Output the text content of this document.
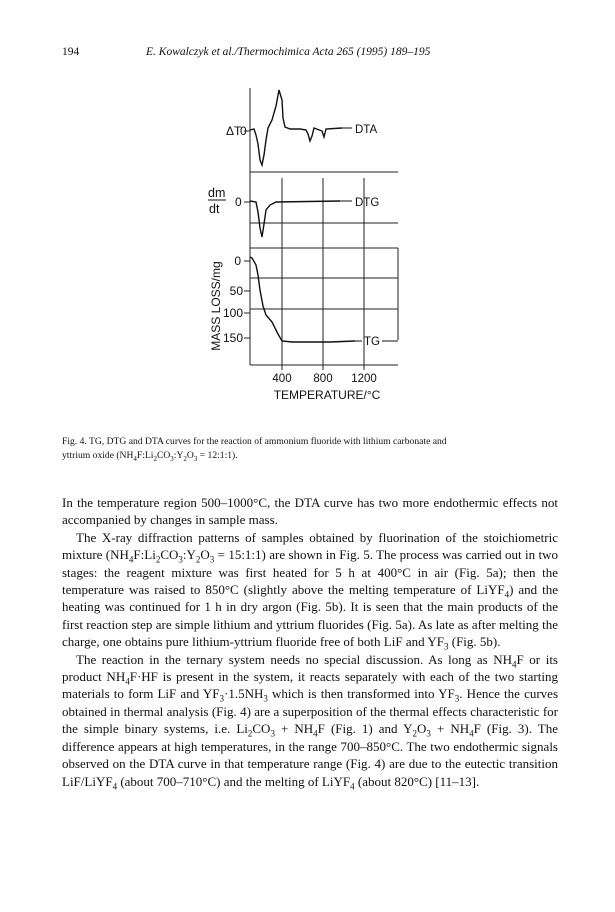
194	E. Kowalczyk et al./Thermochimica Acta 265 (1995) 189–195
ΔT
0	DTA
dm
dt 0	DTG
0
50
100
150
MASS LOSS/mg	TG
400 800 1200
TEMPERATURE/°C
Fig. 4. TG, DTG and DTA curves for the reaction of ammonium fluoride with lithium carbonate and
yttrium oxide ($NH_4F:Li_2CO_3:Y_2O_3$ = 12:1:1).

In the temperature region 500–1000°C, the DTA curve has two more endothermic effects not accompanied by changes in sample mass.

The X-ray diffraction patterns of samples obtained by fluorination of the stoichiometric mixture ($NH_4F:Li_2CO_3:Y_2O_3$ = 15:1:1) are shown in Fig. 5. The process was carried out in two stages: the reagent mixture was first heated for 5 h at 400°C in air (Fig. 5a); then the temperature was raised to 850°C (slightly above the melting temperature of LiYF$_4$) and the heating was continued for 1 h in dry argon (Fig. 5b). It is seen that the main products of the first reaction step are simple lithium and yttrium fluorides (Fig. 5a). As late as after melting the charge, one obtains pure lithium-yttrium fluoride free of both LiF and $YF_3$ (Fig. 5b).

The reaction in the ternary system needs no special discussion. As long as $NH_4F$ or its product $NH_4F\cdot HF$ is present in the system, it reacts separately with each of the two starting materials to form LiF and $YF_3\cdot 1.5NH_3$ which is then transformed into $YF_3$. Hence the curves obtained in thermal analysis (Fig. 4) are a superposition of the thermal effects characteristic for the simple binary systems, i.e. $Li_2CO_3 + NH_4F$ (Fig. 1) and $Y_2O_3 + NH_4F$ (Fig. 3). The difference appears at high temperatures, in the range 700–850°C. The two endothermic signals observed on the DTA curve in that temperature range (Fig. 4) are due to the eutectic transition LiF/LiYF$_4$ (about 700–710°C) and the melting of LiYF$_4$ (about 820°C) [11–13].
